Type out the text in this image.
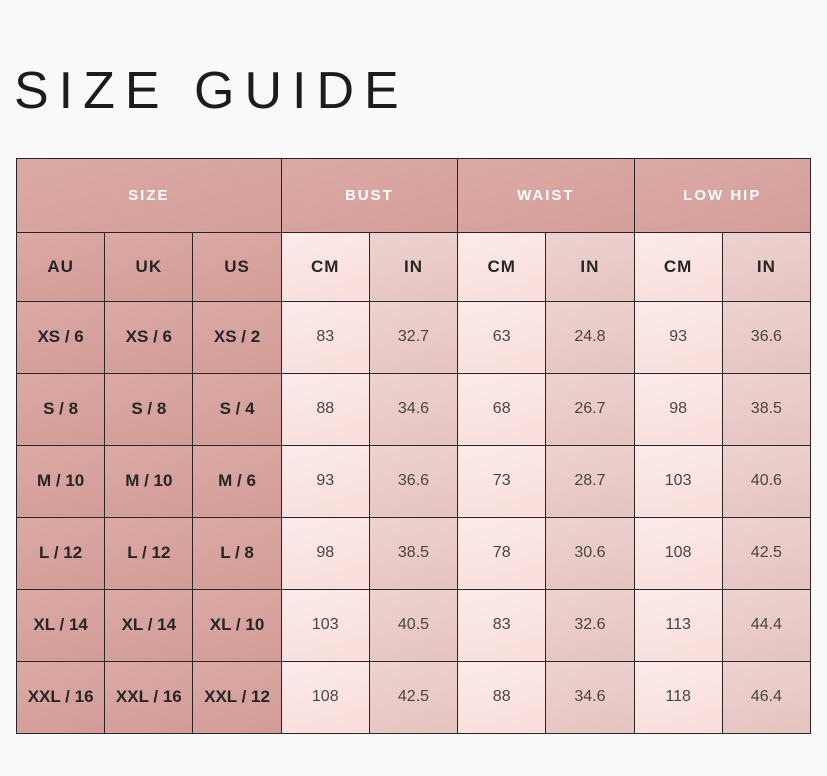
SIZE GUIDE
SIZE			BUST		WAIST		LOW HIP	
AU	UK	US	CM	IN	CM	IN	CM	IN
XS / 6	XS / 6	XS / 2	83	32.7	63	24.8	93	36.6
S / 8	S / 8	S / 4	88	34.6	68	26.7	98	38.5
M / 10	M / 10	M / 6	93	36.6	73	28.7	103	40.6
L / 12	L / 12	L / 8	98	38.5	78	30.6	108	42.5
XL / 14	XL / 14	XL / 10	103	40.5	83	32.6	113	44.4
XXL / 16	XXL / 16	XXL / 12	108	42.5	88	34.6	118	46.4
